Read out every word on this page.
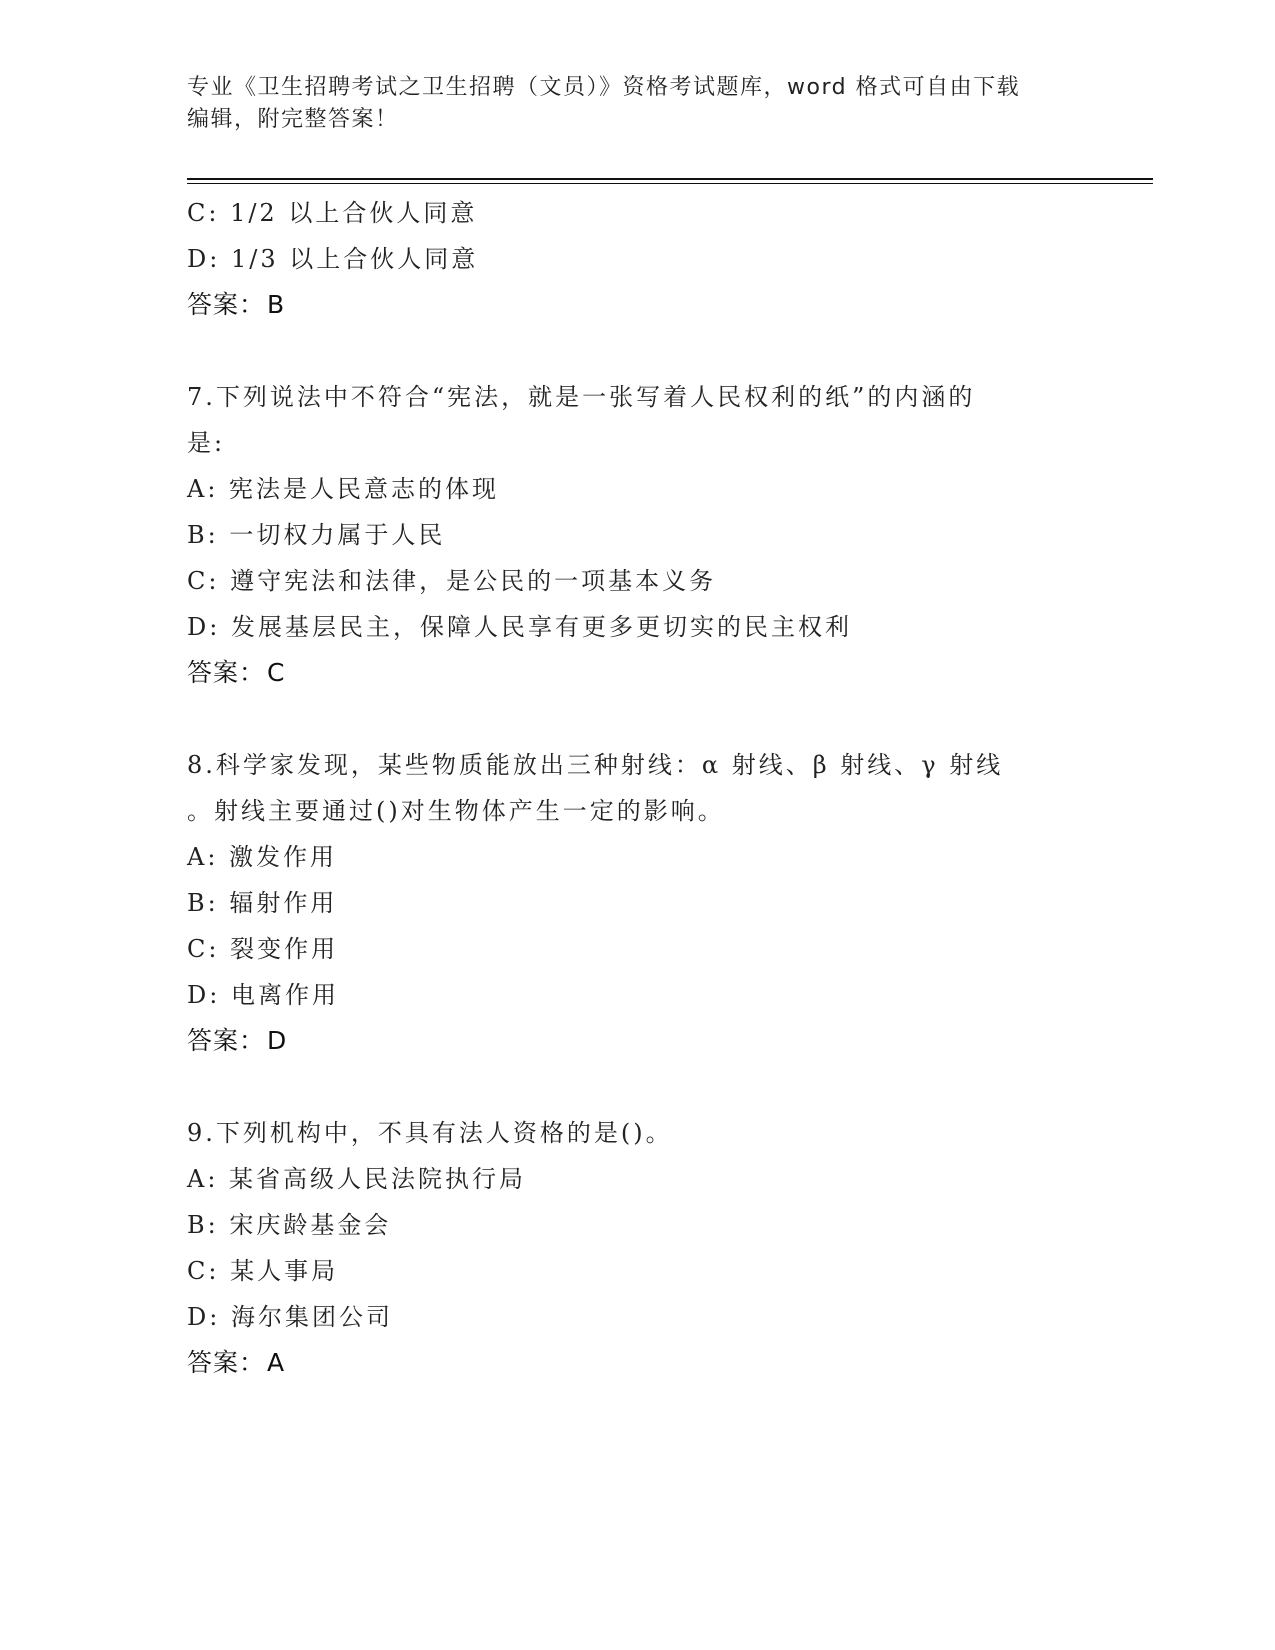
专业《卫生招聘考试之卫生招聘（文员）》资格考试题库，word 格式可自由下载
编辑，附完整答案！
C: 1/2 以上合伙人同意
D: 1/3 以上合伙人同意
答案：B
7.下列说法中不符合“宪法，就是一张写着人民权利的纸”的内涵的
是:
A: 宪法是人民意志的体现
B: 一切权力属于人民
C: 遵守宪法和法律，是公民的一项基本义务
D: 发展基层民主，保障人民享有更多更切实的民主权利
答案：C
8.科学家发现，某些物质能放出三种射线：α 射线、β 射线、γ 射线
。射线主要通过()对生物体产生一定的影响。
A: 激发作用
B: 辐射作用
C: 裂变作用
D: 电离作用
答案：D
9.下列机构中，不具有法人资格的是()。
A: 某省高级人民法院执行局
B: 宋庆龄基金会
C: 某人事局
D: 海尔集团公司
答案：A
